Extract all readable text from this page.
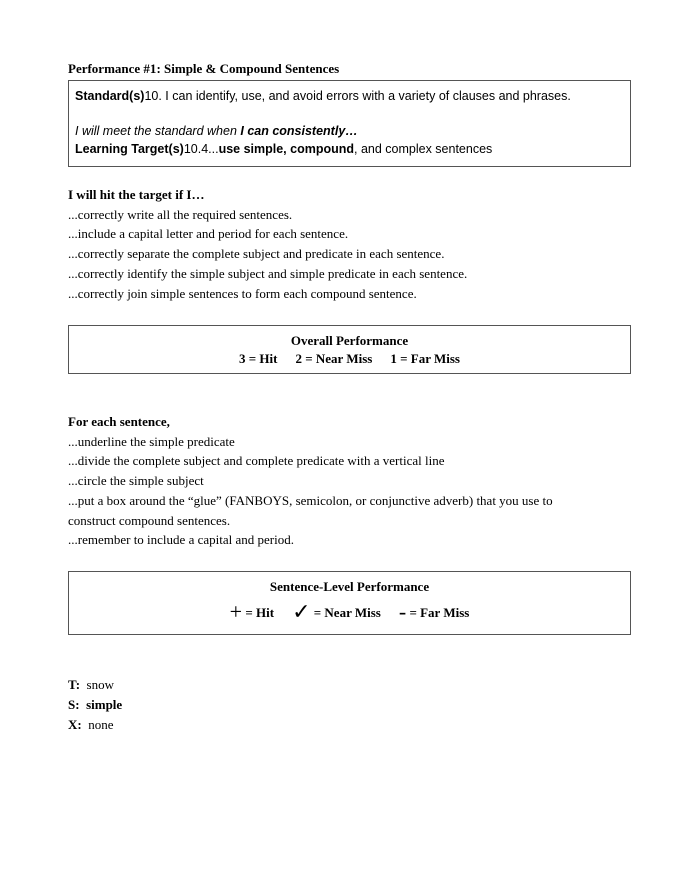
Performance #1: Simple & Compound Sentences
Standard(s)10. I can identify, use, and avoid errors with a variety of clauses and phrases.
I will meet the standard when I can consistently…
Learning Target(s)10.4...use simple, compound, and complex sentences
I will hit the target if I…
...correctly write all the required sentences.
...include a capital letter and period for each sentence.
...correctly separate the complete subject and predicate in each sentence.
...correctly identify the simple subject and simple predicate in each sentence.
...correctly join simple sentences to form each compound sentence.
Overall Performance
3 = Hit 2 = Near Miss 1 = Far Miss
For each sentence,
...underline the simple predicate
...divide the complete subject and complete predicate with a vertical line
...circle the simple subject
...put a box around the “glue” (FANBOYS, semicolon, or conjunctive adverb) that you use to
construct compound sentences.
...remember to include a capital and period.
Sentence-Level Performance
+ = Hit ✓ = Near Miss - = Far Miss
T: snow
S: simple
X: none
